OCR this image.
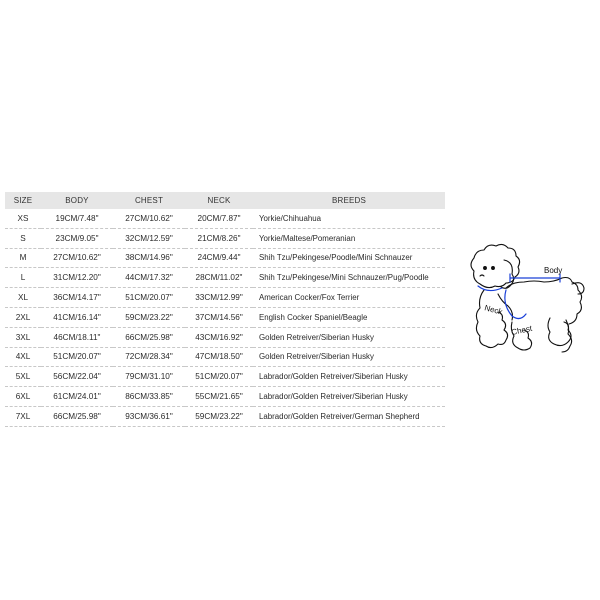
SIZE	BODY	CHEST	NECK	BREEDS
XS	19CM/7.48"	27CM/10.62"	20CM/7.87"	Yorkie/Chihuahua
S	23CM/9.05"	32CM/12.59"	21CM/8.26"	Yorkie/Maltese/Pomeranian
M	27CM/10.62"	38CM/14.96"	24CM/9.44"	Shih Tzu/Pekingese/Poodle/Mini Schnauzer
L	31CM/12.20"	44CM/17.32"	28CM/11.02"	Shih Tzu/Pekingese/Mini Schnauzer/Pug/Poodle
XL	36CM/14.17"	51CM/20.07"	33CM/12.99"	American Cocker/Fox Terrier
2XL	41CM/16.14"	59CM/23.22"	37CM/14.56"	English Cocker Spaniel/Beagle
3XL	46CM/18.11"	66CM/25.98"	43CM/16.92"	Golden Retreiver/Siberian Husky
4XL	51CM/20.07"	72CM/28.34"	47CM/18.50"	Golden Retreiver/Siberian Husky
5XL	56CM/22.04"	79CM/31.10"	51CM/20.07"	Labrador/Golden Retreiver/Siberian Husky
6XL	61CM/24.01"	86CM/33.85"	55CM/21.65"	Labrador/Golden Retreiver/Siberian Husky
7XL	66CM/25.98"	93CM/36.61"	59CM/23.22"	Labrador/Golden Retreiver/German Shepherd
Body
Neck
Chest
